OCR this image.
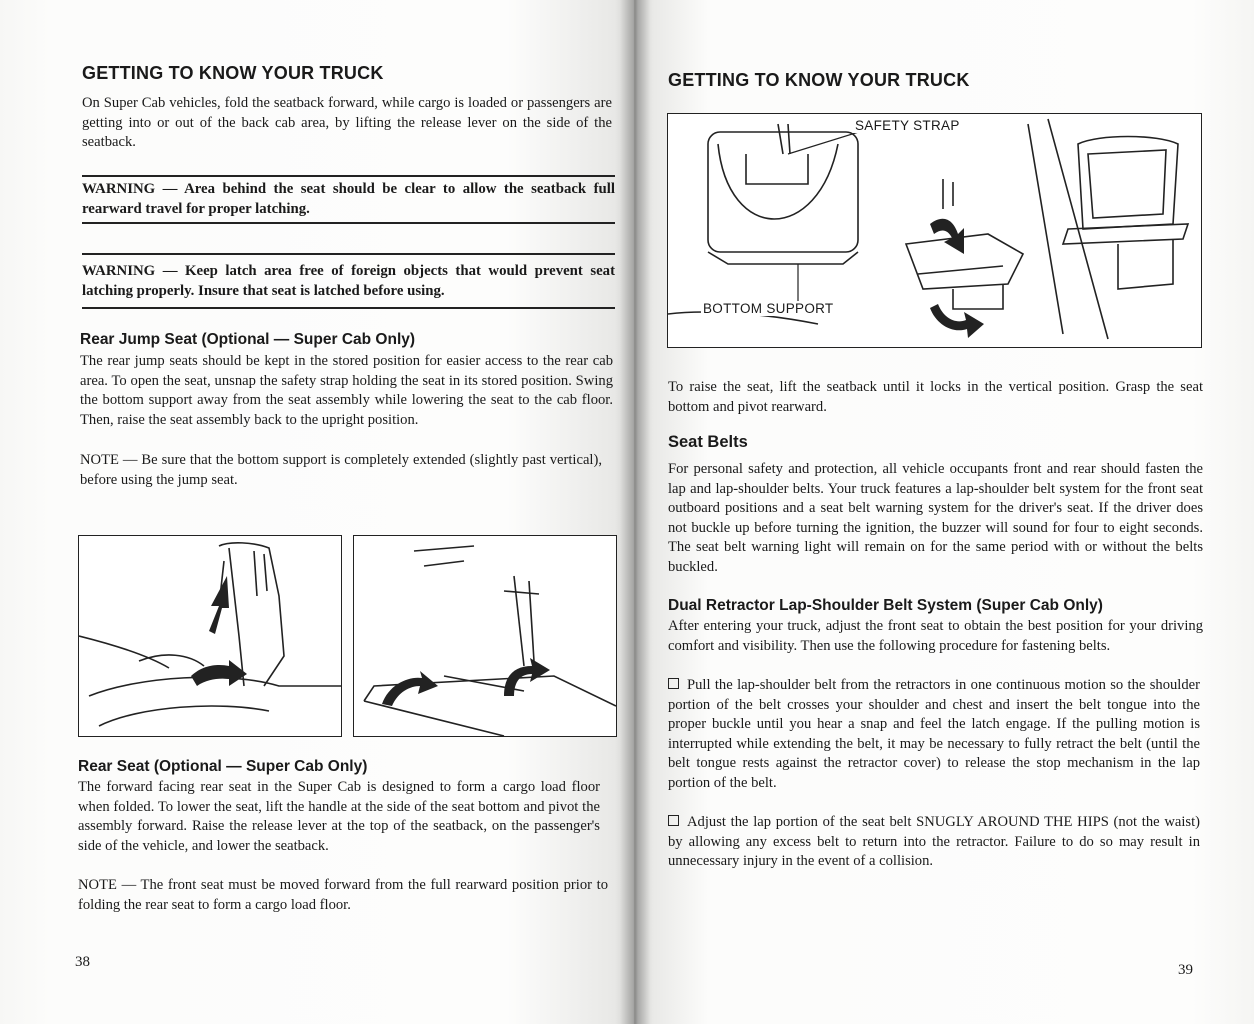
GETTING TO KNOW YOUR TRUCK

On Super Cab vehicles, fold the seatback forward, while cargo is loaded or passengers are getting into or out of the back cab area, by lifting the release lever on the side of the seatback.

WARNING — Area behind the seat should be clear to allow the seatback full rearward travel for proper latching.

WARNING — Keep latch area free of foreign objects that would prevent seat latching properly. Insure that seat is latched before using.

Rear Jump Seat (Optional — Super Cab Only)

The rear jump seats should be kept in the stored position for easier access to the rear cab area. To open the seat, unsnap the safety strap holding the seat in its stored position. Swing the bottom support away from the seat assembly while lowering the seat to the cab floor. Then, raise the seat assembly back to the upright position.

NOTE — Be sure that the bottom support is completely extended (slightly past vertical), before using the jump seat.

Rear Seat (Optional — Super Cab Only)

The forward facing rear seat in the Super Cab is designed to form a cargo load floor when folded. To lower the seat, lift the handle at the side of the seat bottom and pivot the assembly forward. Raise the release lever at the top of the seatback, on the passenger's side of the vehicle, and lower the seatback.

NOTE — The front seat must be moved forward from the full rearward position prior to folding the rear seat to form a cargo load floor.

38
GETTING TO KNOW YOUR TRUCK
SAFETY STRAP
BOTTOM SUPPORT

To raise the seat, lift the seatback until it locks in the vertical position. Grasp the seat bottom and pivot rearward.

Seat Belts

For personal safety and protection, all vehicle occupants front and rear should fasten the lap and lap-shoulder belts. Your truck features a lap-shoulder belt system for the front seat outboard positions and a seat belt warning system for the driver's seat. If the driver does not buckle up before turning the ignition, the buzzer will sound for four to eight seconds. The seat belt warning light will remain on for the same period with or without the belts buckled.

Dual Retractor Lap-Shoulder Belt System (Super Cab Only)

After entering your truck, adjust the front seat to obtain the best position for your driving comfort and visibility. Then use the following procedure for fastening belts.

Pull the lap-shoulder belt from the retractors in one continuous motion so the shoulder portion of the belt crosses your shoulder and chest and insert the belt tongue into the proper buckle until you hear a snap and feel the latch engage. If the pulling motion is interrupted while extending the belt, it may be necessary to fully retract the belt (until the belt tongue rests against the retractor cover) to release the stop mechanism in the lap portion of the belt.

Adjust the lap portion of the seat belt SNUGLY AROUND THE HIPS (not the waist) by allowing any excess belt to return into the retractor. Failure to do so may result in unnecessary injury in the event of a collision.

39
